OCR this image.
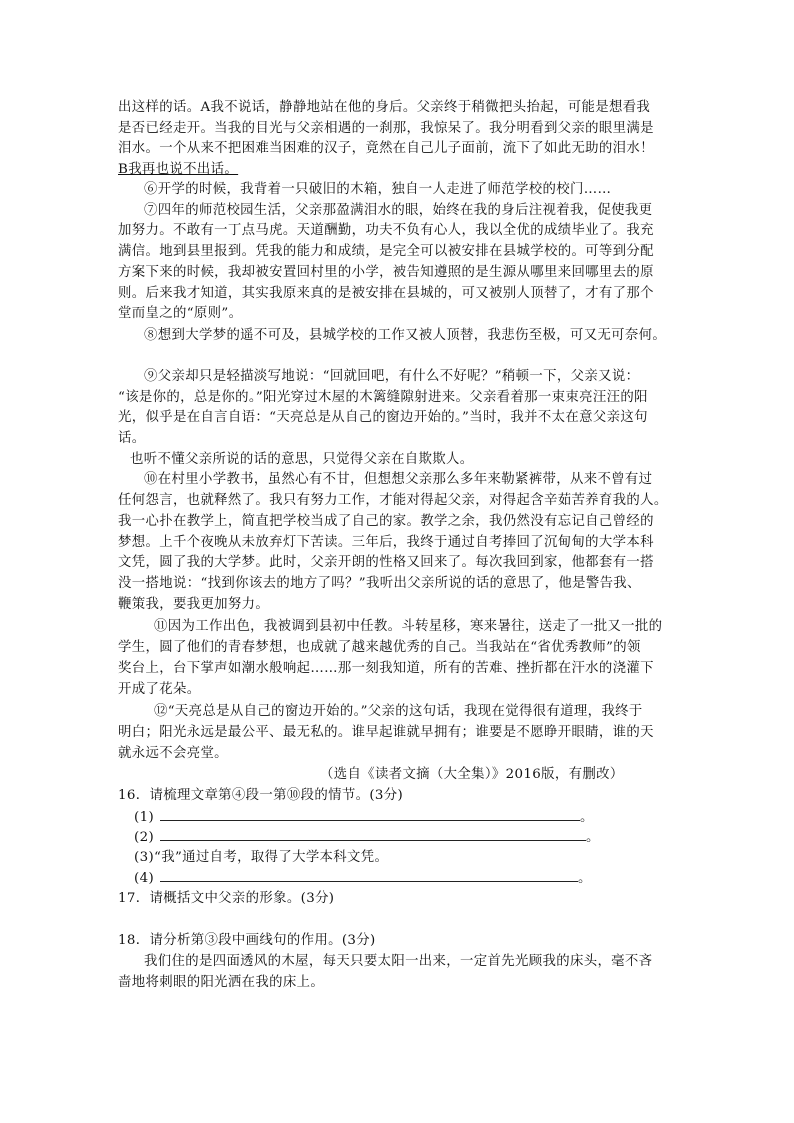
出这样的话。A我不说话，静静地站在他的身后。父亲终于稍微把头抬起，可能是想看我
是否已经走开。当我的目光与父亲相遇的一刹那，我惊呆了。我分明看到父亲的眼里满是
泪水。一个从来不把困难当困难的汉子，竟然在自己儿子面前，流下了如此无助的泪水！
B我再也说不出话。
⑥开学的时候，我背着一只破旧的木箱，独自一人走进了师范学校的校门……
⑦四年的师范校园生活，父亲那盈满泪水的眼，始终在我的身后注视着我，促使我更
加努力。不敢有一丁点马虎。天道酬勤，功夫不负有心人，我以全优的成绩毕业了。我充
满信。地到县里报到。凭我的能力和成绩，是完全可以被安排在县城学校的。可等到分配
方案下来的时候，我却被安置回村里的小学，被告知遵照的是生源从哪里来回哪里去的原
则。后来我才知道，其实我原来真的是被安排在县城的，可又被别人顶替了，才有了那个
堂而皇之的“原则”。
⑧想到大学梦的遥不可及，县城学校的工作又被人顶替，我悲伤至极，可又无可奈何。
⑨父亲却只是轻描淡写地说：“回就回吧，有什么不好呢？”稍顿一下，父亲又说：
“该是你的，总是你的。”阳光穿过木屋的木篱缝隙射进来。父亲看着那一束束亮汪汪的阳
光，似乎是在自言自语：“天亮总是从自己的窗边开始的。”当时，我并不太在意父亲这句
话。
也听不懂父亲所说的话的意思，只觉得父亲在自欺欺人。
⑩在村里小学教书，虽然心有不甘，但想想父亲那么多年来勒紧裤带，从来不曾有过
任何怨言，也就释然了。我只有努力工作，才能对得起父亲，对得起含辛茹苦养育我的人。
我一心扑在教学上，简直把学校当成了自己的家。教学之余，我仍然没有忘记自己曾经的
梦想。上千个夜晚从未放弃灯下苦读。三年后，我终于通过自考捧回了沉甸甸的大学本科
文凭，圆了我的大学梦。此时，父亲开朗的性格又回来了。每次我回到家，他都套有一搭
没一搭地说：“找到你该去的地方了吗？”我听出父亲所说的话的意思了，他是警告我、
鞭策我，要我更加努力。
⑪因为工作出色，我被调到县初中任教。斗转星移，寒来暑往，送走了一批又一批的
学生，圆了他们的青春梦想，也成就了越来越优秀的自己。当我站在“省优秀教师”的领
奖台上，台下掌声如潮水般响起……那一刻我知道，所有的苦难、挫折都在汗水的浇灌下
开成了花朵。
⑫“天亮总是从自己的窗边开始的。”父亲的这句话，我现在觉得很有道理，我终于
明白；阳光永远是最公平、最无私的。谁早起谁就早拥有；谁要是不愿睁开眼睛，谁的天
就永远不会亮堂。
（选自《读者文摘（大全集）》2016版，有删改）
16．请梳理文章第④段一第⑩段的情节。(3分)
(1)	。
(2)	。
(3)“我”通过自考，取得了大学本科文凭。
(4)	。
17．请概括文中父亲的形象。(3分)
18．请分析第③段中画线句的作用。(3分)
我们住的是四面透风的木屋，每天只要太阳一出来，一定首先光顾我的床头，毫不吝
啬地将刺眼的阳光洒在我的床上。
